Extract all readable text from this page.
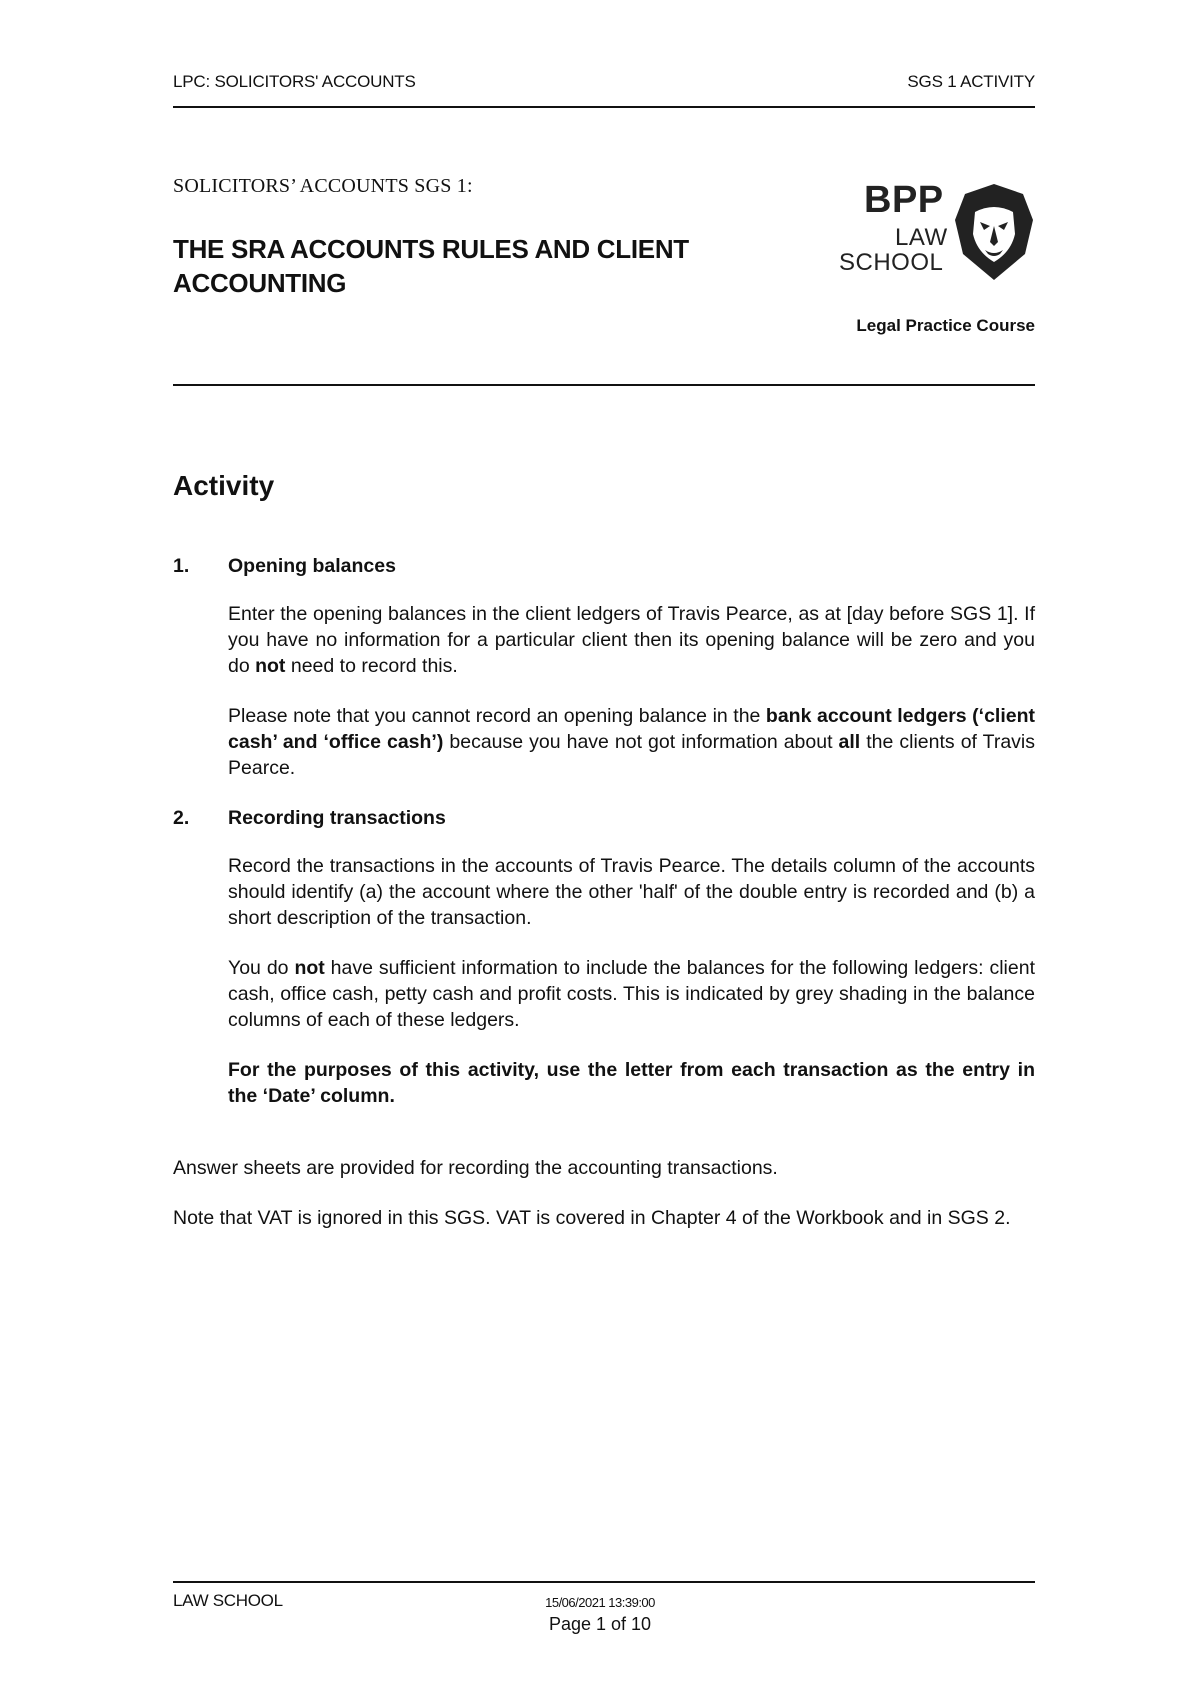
LPC: SOLICITORS' ACCOUNTS	SGS 1 ACTIVITY
SOLICITORS’ ACCOUNTS SGS 1:
THE SRA ACCOUNTS RULES AND CLIENT
ACCOUNTING
BPP
LAW
SCHOOL
Legal Practice Course
Activity
1.	Opening balances
Enter the opening balances in the client ledgers of Travis Pearce, as at [day before SGS 1]. If you have no information for a particular client then its opening balance will be zero and you do not need to record this.
Please note that you cannot record an opening balance in the bank account ledgers (‘client cash’ and ‘office cash’) because you have not got information about all the clients of Travis Pearce.
2.	Recording transactions
Record the transactions in the accounts of Travis Pearce. The details column of the accounts should identify (a) the account where the other 'half' of the double entry is recorded and (b) a short description of the transaction.
You do not have sufficient information to include the balances for the following ledgers: client cash, office cash, petty cash and profit costs. This is indicated by grey shading in the balance columns of each of these ledgers.
For the purposes of this activity, use the letter from each transaction as the entry in the ‘Date’ column.
Answer sheets are provided for recording the accounting transactions.
Note that VAT is ignored in this SGS. VAT is covered in Chapter 4 of the Workbook and in SGS 2.
LAW SCHOOL	15/06/2021 13:39:00
Page 1 of 10
